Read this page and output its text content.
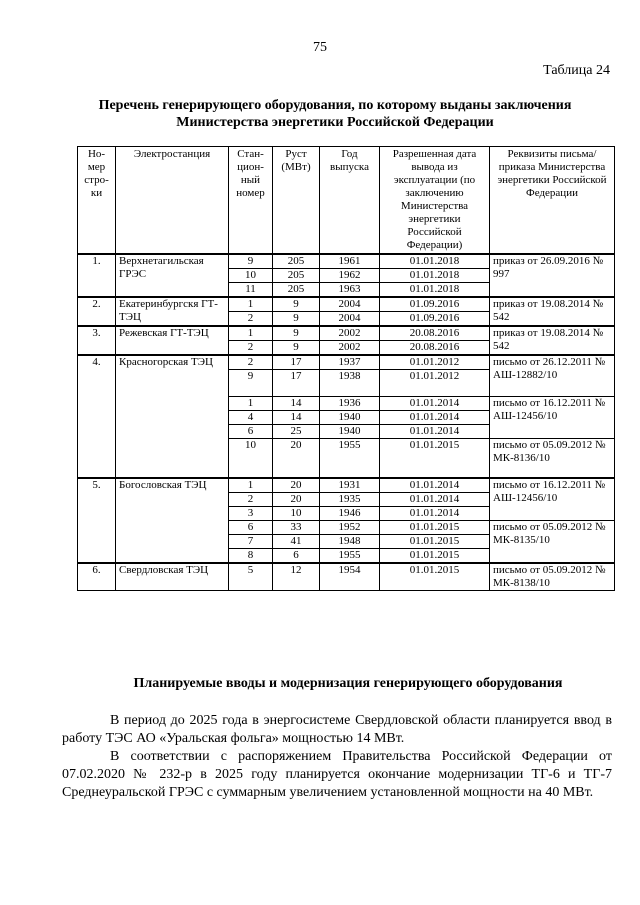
75
Таблица 24
Перечень генерирующего оборудования, по которому выданы заключения Министерства энергетики Российской Федерации
Но-мер стро-ки	Электростанция	Стан-цион-ный номер	Pуст (МВт)	Год выпуска	Разрешенная дата вывода из эксплуатации (по заключению Министерства энергетики Российской Федерации)	Реквизиты письма/приказа Министерства энергетики Российской Федерации
1.	Верхнетагильская ГРЭС	9	205	1961	01.01.2018	приказ от 26.09.2016 № 997
		10	205	1962	01.01.2018	
		11	205	1963	01.01.2018	
2.	Екатеринбургскя ГТ-ТЭЦ	1	9	2004	01.09.2016	приказ от 19.08.2014 № 542
		2	9	2004	01.09.2016	
3.	Режевская ГТ-ТЭЦ	1	9	2002	20.08.2016	приказ от 19.08.2014 № 542
		2	9	2002	20.08.2016	
4.	Красногорская ТЭЦ	2	17	1937	01.01.2012	письмо от 26.12.2011 № АШ-12882/10
		9	17	1938	01.01.2012	
		1	14	1936	01.01.2014	письмо от 16.12.2011 № АШ-12456/10
		4	14	1940	01.01.2014	
		6	25	1940	01.01.2014	
		10	20	1955	01.01.2015	письмо от 05.09.2012 № МК-8136/10
5.	Богословская ТЭЦ	1	20	1931	01.01.2014	письмо от 16.12.2011 № АШ-12456/10
		2	20	1935	01.01.2014	
		3	10	1946	01.01.2014	
		6	33	1952	01.01.2015	письмо от 05.09.2012 № МК-8135/10
		7	41	1948	01.01.2015	
		8	6	1955	01.01.2015	
6.	Свердловская ТЭЦ	5	12	1954	01.01.2015	письмо от 05.09.2012 № МК-8138/10
Планируемые вводы и модернизация генерирующего оборудования

В период до 2025 года в энергосистеме Свердловской области планируется ввод в работу ТЭС АО «Уральская фольга» мощностью 14 МВт.

В соответствии с распоряжением Правительства Российской Федерации от 07.02.2020 № 232-р в 2025 году планируется окончание модернизации ТГ-6 и ТГ-7 Среднеуральской ГРЭС с суммарным увеличением установленной мощности на 40 МВт.
